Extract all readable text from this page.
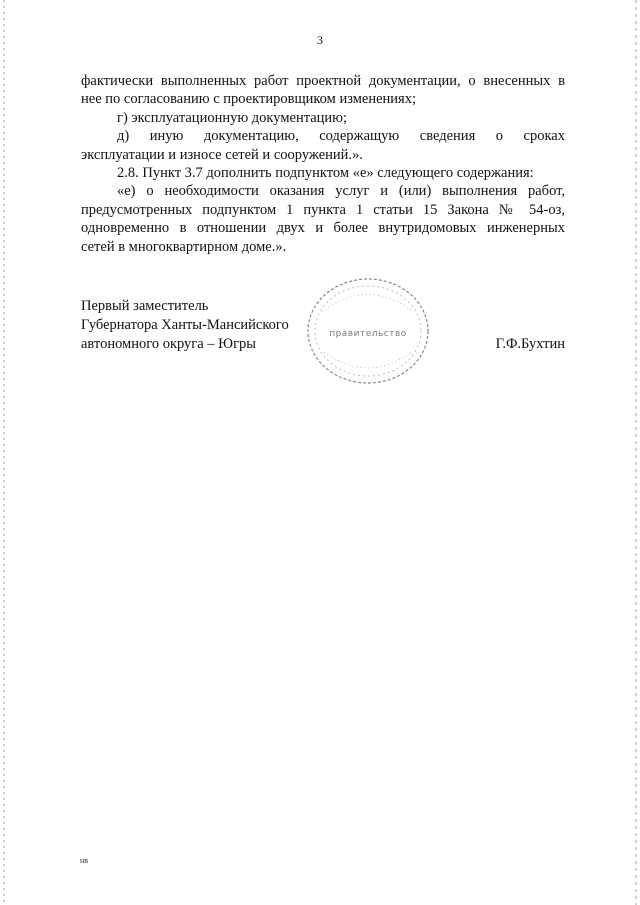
3

фактически выполненных работ проектной документации, о внесенных в

нее по согласованию с проектировщиком изменениях;

г) эксплуатационную документацию;

д) иную документацию, содержащую сведения о сроках

эксплуатации и износе сетей и сооружений.».

2.8. Пункт 3.7 дополнить подпунктом «е» следующего содержания:

«е) о необходимости оказания услуг и (или) выполнения работ,

предусмотренных подпунктом 1 пункта 1 статьи 15 Закона № 54-оз,

одновременно в отношении двух и более внутридомовых инженерных

сетей в многоквартирном доме.».

Первый заместитель
Губернатора Ханты-Мансийского
автономного округа – Югры
правительство
Г.Ф.Бухтин
нв
